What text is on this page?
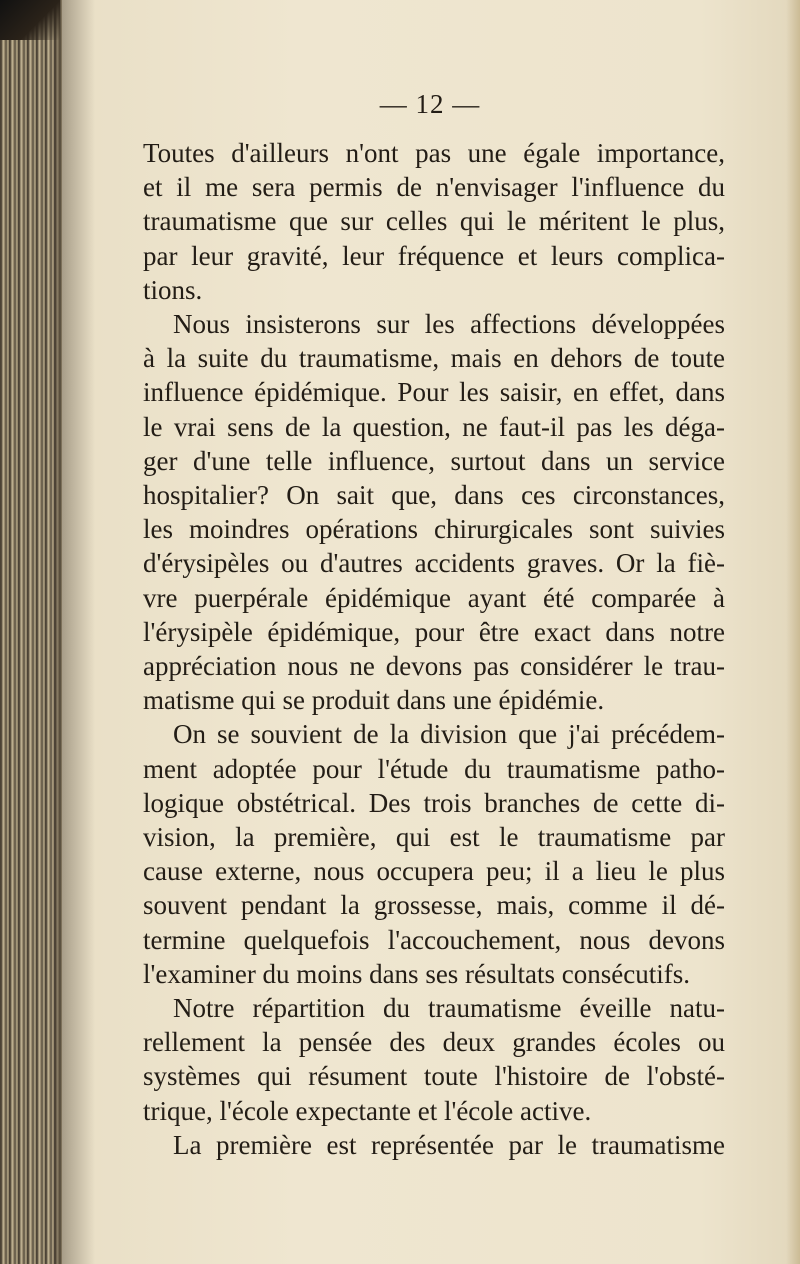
— 12 —
Toutes d'ailleurs n'ont pas une égale importance,
et il me sera permis de n'envisager l'influence du
traumatisme que sur celles qui le méritent le plus,
par leur gravité, leur fréquence et leurs complica-
tions.
Nous insisterons sur les affections développées
à la suite du traumatisme, mais en dehors de toute
influence épidémique. Pour les saisir, en effet, dans
le vrai sens de la question, ne faut-il pas les déga-
ger d'une telle influence, surtout dans un service
hospitalier? On sait que, dans ces circonstances,
les moindres opérations chirurgicales sont suivies
d'érysipèles ou d'autres accidents graves. Or la fiè-
vre puerpérale épidémique ayant été comparée à
l'érysipèle épidémique, pour être exact dans notre
appréciation nous ne devons pas considérer le trau-
matisme qui se produit dans une épidémie.
On se souvient de la division que j'ai précédem-
ment adoptée pour l'étude du traumatisme patho-
logique obstétrical. Des trois branches de cette di-
vision, la première, qui est le traumatisme par
cause externe, nous occupera peu; il a lieu le plus
souvent pendant la grossesse, mais, comme il dé-
termine quelquefois l'accouchement, nous devons
l'examiner du moins dans ses résultats consécutifs.
Notre répartition du traumatisme éveille natu-
rellement la pensée des deux grandes écoles ou
systèmes qui résument toute l'histoire de l'obsté-
trique, l'école expectante et l'école active.
La première est représentée par le traumatisme
